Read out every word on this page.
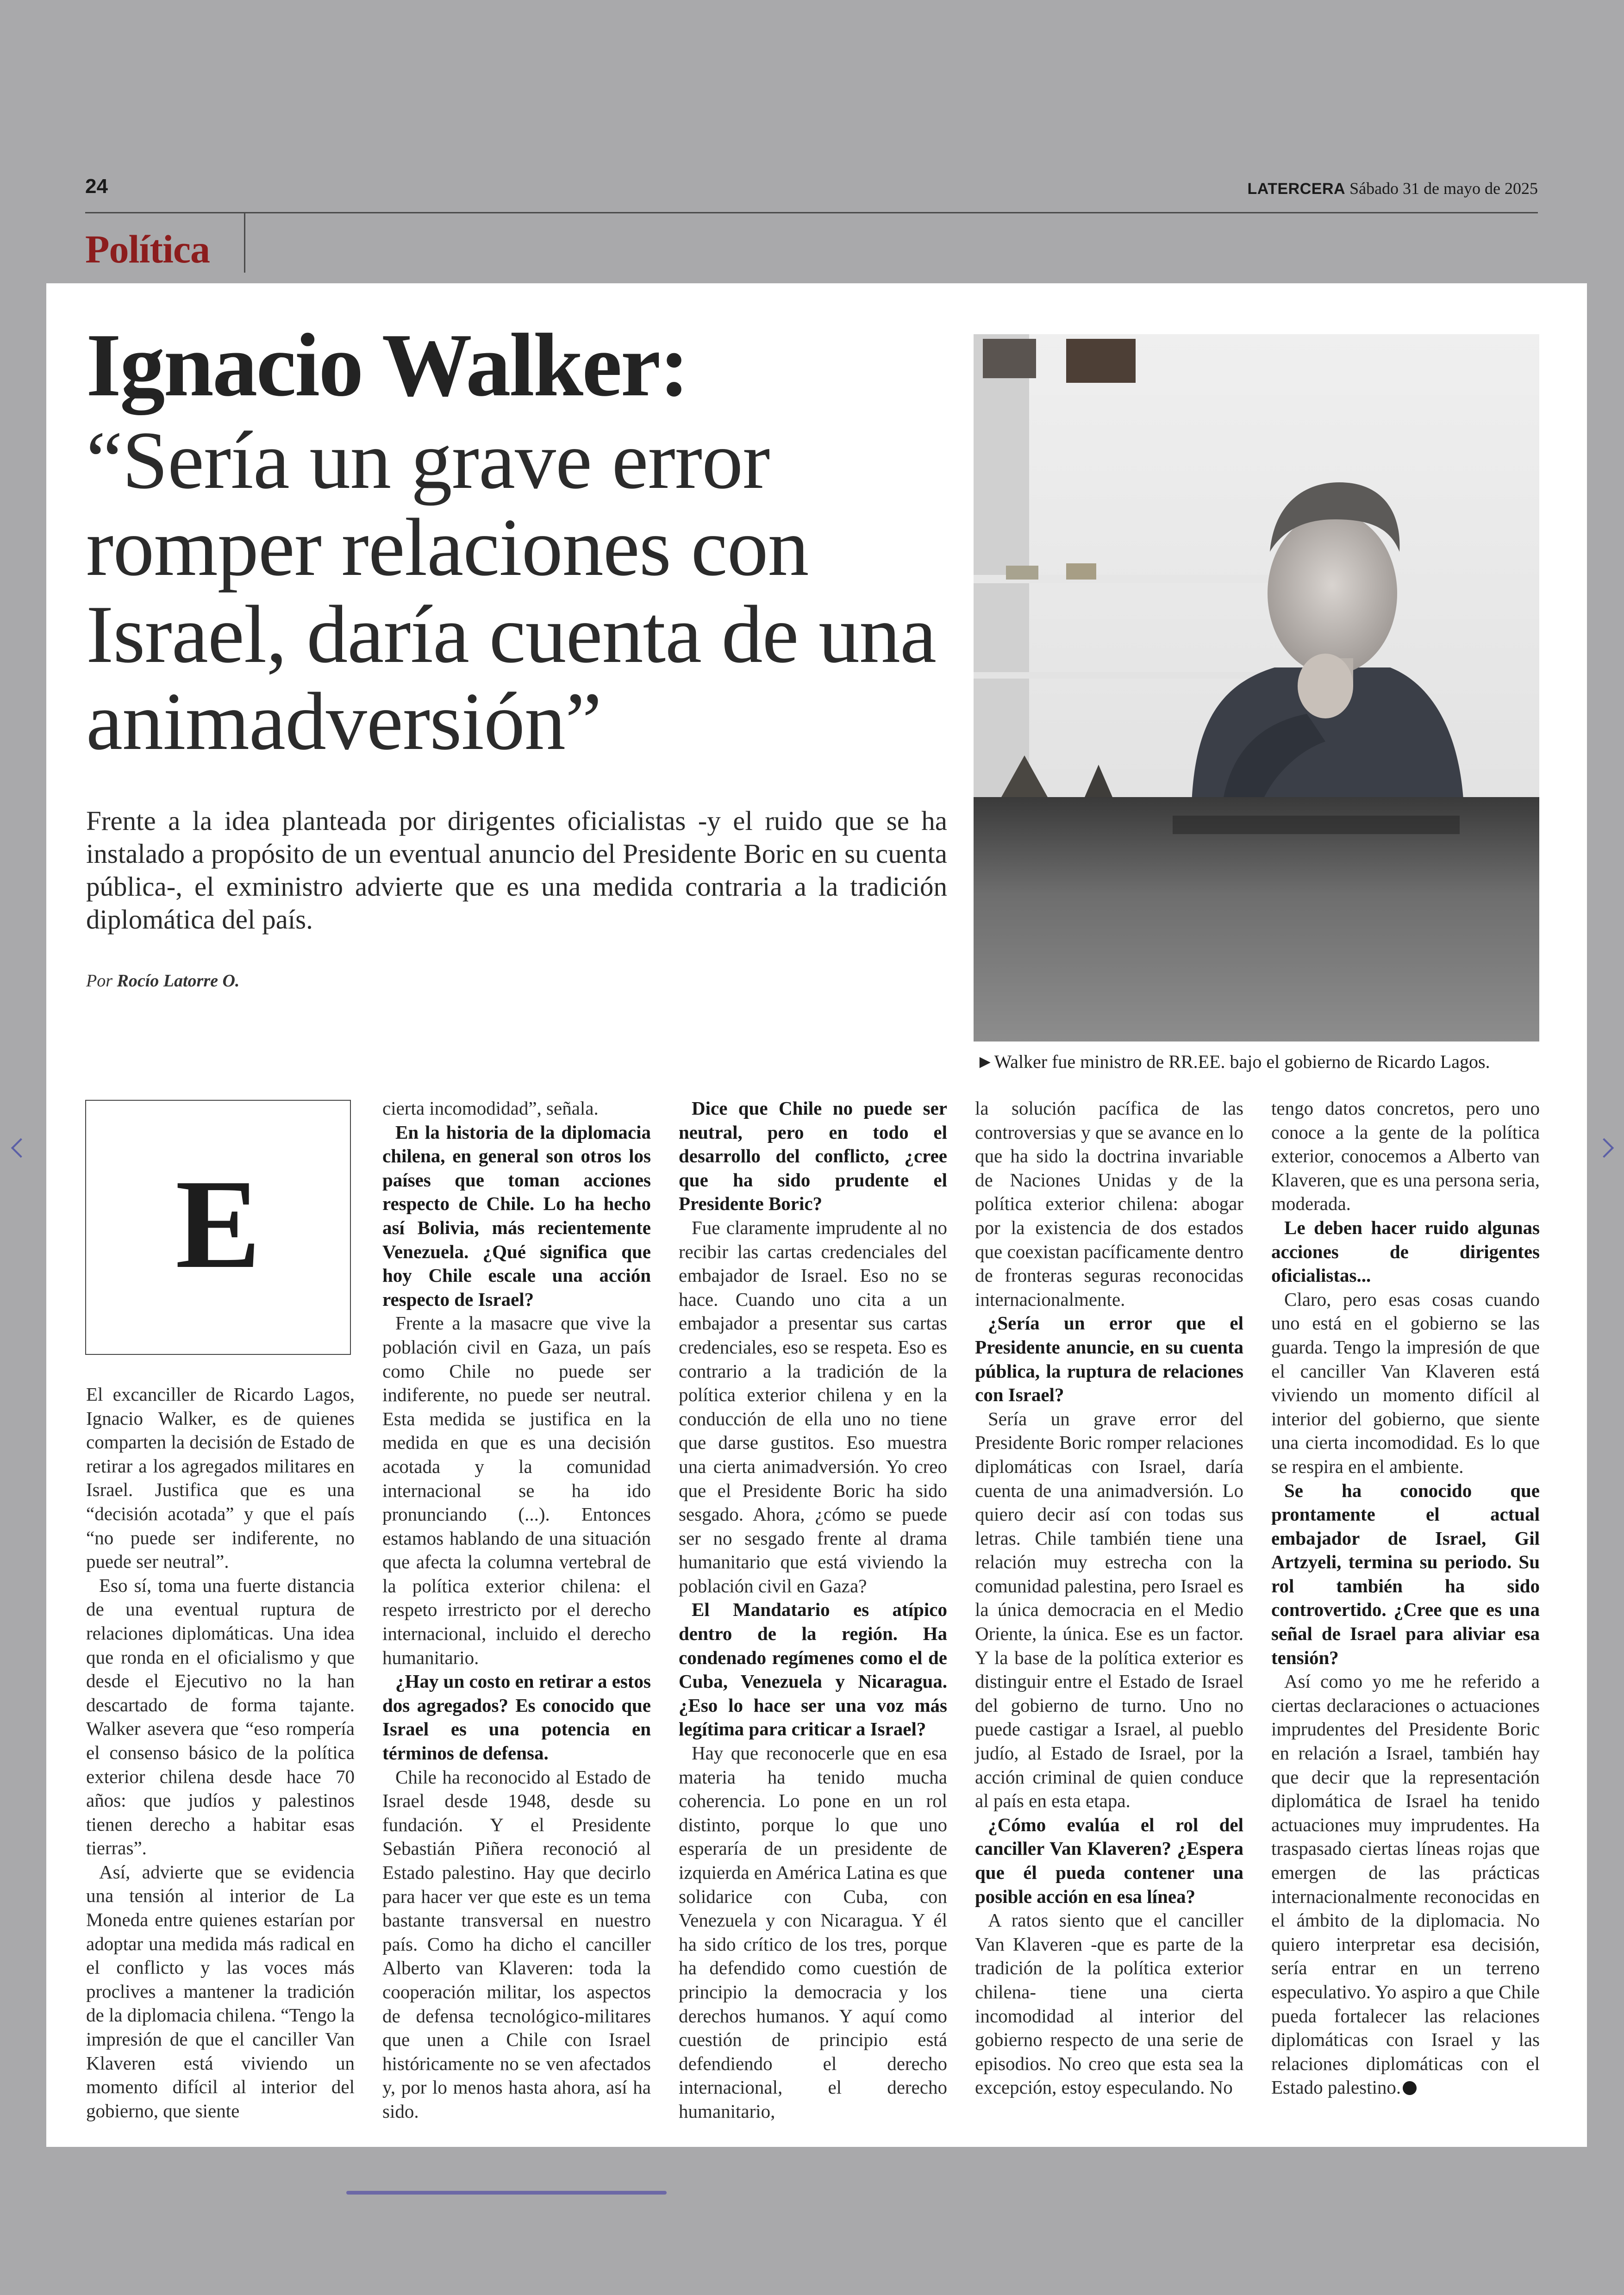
24	LATERCERA Sábado 31 de mayo de 2025
Política
Ignacio Walker:
“Sería un grave error romper relaciones con Israel, daría cuenta de una animadversión”
Frente a la idea planteada por dirigentes oficialistas -y el ruido que se ha instalado a propósito de un eventual anuncio del Presidente Boric en su cuenta pública-, el exministro advierte que es una medida contraria a la tradición diplomática del país.
Por Rocío Latorre O.
►Walker fue ministro de RR.EE. bajo el gobierno de Ricardo Lagos.
E

El excanciller de Ricardo Lagos, Ignacio Walker, es de quienes comparten la decisión de Estado de retirar a los agregados militares en Israel. Justifica que es una “decisión acotada” y que el país “no puede ser indiferente, no puede ser neutral”.

Eso sí, toma una fuerte distancia de una eventual ruptura de relaciones diplomáticas. Una idea que ronda en el oficialismo y que desde el Ejecutivo no la han descartado de forma tajante. Walker asevera que “eso rompería el consenso básico de la política exterior chilena desde hace 70 años: que judíos y palestinos tienen derecho a habitar esas tierras”.

Así, advierte que se evidencia una tensión al interior de La Moneda entre quienes estarían por adoptar una medida más radical en el conflicto y las voces más proclives a mantener la tradición de la diplomacia chilena. “Tengo la impresión de que el canciller Van Klaveren está viviendo un momento difícil al interior del gobierno, que siente

cierta incomodidad”, señala.

En la historia de la diplomacia chilena, en general son otros los países que toman acciones respecto de Chile. Lo ha hecho así Bolivia, más recientemente Venezuela. ¿Qué significa que hoy Chile escale una acción respecto de Israel?

Frente a la masacre que vive la población civil en Gaza, un país como Chile no puede ser indiferente, no puede ser neutral. Esta medida se justifica en la medida en que es una decisión acotada y la comunidad internacional se ha ido pronunciando (...). Entonces estamos hablando de una situación que afecta la columna vertebral de la política exterior chilena: el respeto irrestricto por el derecho internacional, incluido el derecho humanitario.

¿Hay un costo en retirar a estos dos agregados? Es conocido que Israel es una potencia en términos de defensa.

Chile ha reconocido al Estado de Israel desde 1948, desde su fundación. Y el Presidente Sebastián Piñera reconoció al Estado palestino. Hay que decirlo para hacer ver que este es un tema bastante transversal en nuestro país. Como ha dicho el canciller Alberto van Klaveren: toda la cooperación militar, los aspectos de defensa tecnológico-militares que unen a Chile con Israel históricamente no se ven afectados y, por lo menos hasta ahora, así ha sido.

Dice que Chile no puede ser neutral, pero en todo el desarrollo del conflicto, ¿cree que ha sido prudente el Presidente Boric?

Fue claramente imprudente al no recibir las cartas credenciales del embajador de Israel. Eso no se hace. Cuando uno cita a un embajador a presentar sus cartas credenciales, eso se respeta. Eso es contrario a la tradición de la política exterior chilena y en la conducción de ella uno no tiene que darse gustitos. Eso muestra una cierta animadversión. Yo creo que el Presidente Boric ha sido sesgado. Ahora, ¿cómo se puede ser no sesgado frente al drama humanitario que está viviendo la población civil en Gaza?

El Mandatario es atípico dentro de la región. Ha condenado regímenes como el de Cuba, Venezuela y Nicaragua. ¿Eso lo hace ser una voz más legítima para criticar a Israel?

Hay que reconocerle que en esa materia ha tenido mucha coherencia. Lo pone en un rol distinto, porque lo que uno esperaría de un presidente de izquierda en América Latina es que solidarice con Cuba, con Venezuela y con Nicaragua. Y él ha sido crítico de los tres, porque ha defendido como cuestión de principio la democracia y los derechos humanos. Y aquí como cuestión de principio está defendiendo el derecho internacional, el derecho humanitario,

la solución pacífica de las controversias y que se avance en lo que ha sido la doctrina invariable de Naciones Unidas y de la política exterior chilena: abogar por la existencia de dos estados que coexistan pacíficamente dentro de fronteras seguras reconocidas internacionalmente.

¿Sería un error que el Presidente anuncie, en su cuenta pública, la ruptura de relaciones con Israel?

Sería un grave error del Presidente Boric romper relaciones diplomáticas con Israel, daría cuenta de una animadversión. Lo quiero decir así con todas sus letras. Chile también tiene una relación muy estrecha con la comunidad palestina, pero Israel es la única democracia en el Medio Oriente, la única. Ese es un factor. Y la base de la política exterior es distinguir entre el Estado de Israel del gobierno de turno. Uno no puede castigar a Israel, al pueblo judío, al Estado de Israel, por la acción criminal de quien conduce al país en esta etapa.

¿Cómo evalúa el rol del canciller Van Klaveren? ¿Espera que él pueda contener una posible acción en esa línea?

A ratos siento que el canciller Van Klaveren -que es parte de la tradición de la política exterior chilena- tiene una cierta incomodidad al interior del gobierno respecto de una serie de episodios. No creo que esta sea la excepción, estoy especulando. No

tengo datos concretos, pero uno conoce a la gente de la política exterior, conocemos a Alberto van Klaveren, que es una persona seria, moderada.

Le deben hacer ruido algunas acciones de dirigentes oficialistas...

Claro, pero esas cosas cuando uno está en el gobierno se las guarda. Tengo la impresión de que el canciller Van Klaveren está viviendo un momento difícil al interior del gobierno, que siente una cierta incomodidad. Es lo que se respira en el ambiente.

Se ha conocido que prontamente el actual embajador de Israel, Gil Artzyeli, termina su periodo. Su rol también ha sido controvertido. ¿Cree que es una señal de Israel para aliviar esa tensión?

Así como yo me he referido a ciertas declaraciones o actuaciones imprudentes del Presidente Boric en relación a Israel, también hay que decir que la representación diplomática de Israel ha tenido actuaciones muy imprudentes. Ha traspasado ciertas líneas rojas que emergen de las prácticas internacionalmente reconocidas en el ámbito de la diplomacia. No quiero interpretar esa decisión, sería entrar en un terreno especulativo. Yo aspiro a que Chile pueda fortalecer las relaciones diplomáticas con Israel y las relaciones diplomáticas con el Estado palestino.
